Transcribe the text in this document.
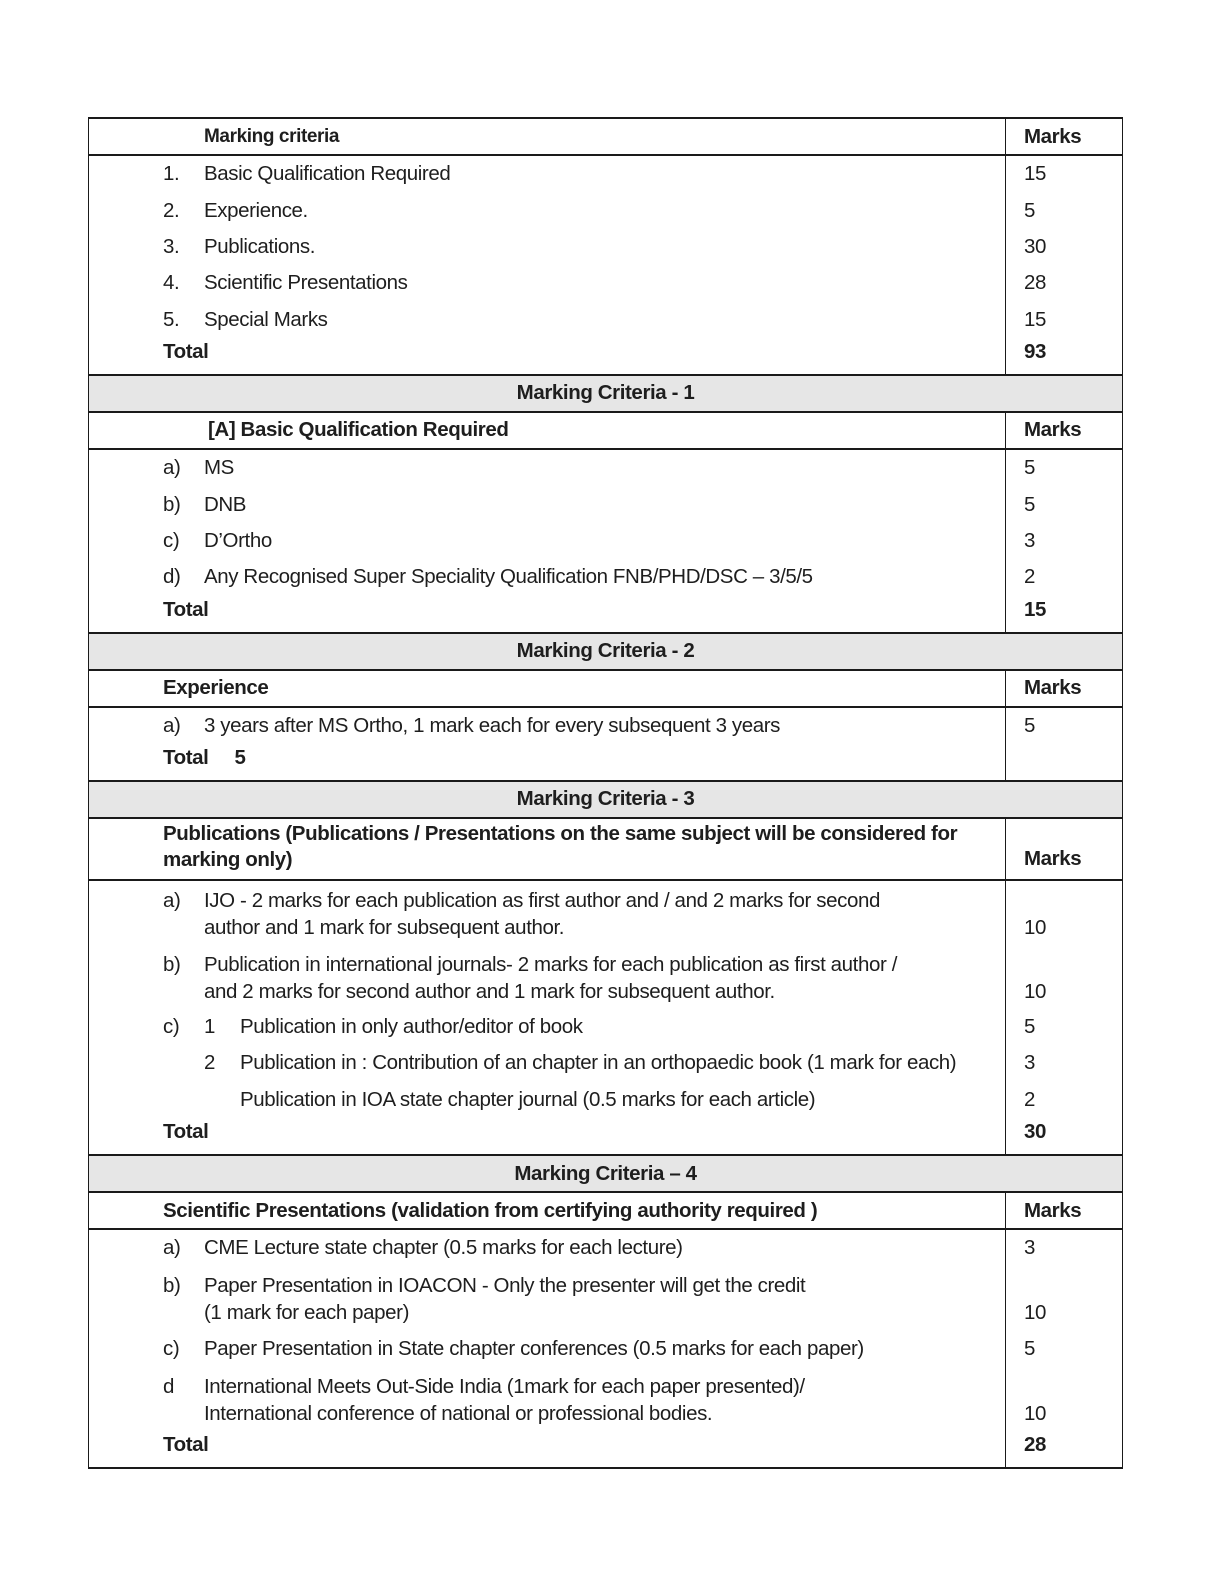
Marking criteria	Marks

1. Basic Qualification Required	15

2. Experience.	5

3. Publications.	30

4. Scientific Presentations	28

5. Special Marks	15
Total	93
Marking Criteria - 1	
[A] Basic Qualification Required	Marks

a) MS	5

b) DNB	5

c) D’Ortho	3

d) Any Recognised Super Speciality Qualification FNB/PHD/DSC – 3/5/5	2
Total	15
Marking Criteria - 2	
Experience	Marks

a) 3 years after MS Ortho, 1 mark each for every subsequent 3 years	5
Total 5	
Marking Criteria - 3	
Publications (Publications / Presentations on the same subject will be considered for marking only)	Marks

a) IJO - 2 marks for each publication as first author and / and 2 marks for second
author and 1 mark for subsequent author.	10

b) Publication in international journals- 2 marks for each publication as first author /
and 2 marks for second author and 1 mark for subsequent author.	10

c) 1 Publication in only author/editor of book	5

2 Publication in : Contribution of an chapter in an orthopaedic book (1 mark for each)	3

Publication in IOA state chapter journal (0.5 marks for each article)	2
Total	30
Marking Criteria – 4	
Scientific Presentations (validation from certifying authority required )	Marks

a) CME Lecture state chapter (0.5 marks for each lecture)	3

b) Paper Presentation in IOACON - Only the presenter will get the credit
(1 mark for each paper)	10

c) Paper Presentation in State chapter conferences (0.5 marks for each paper)	5

d International Meets Out-Side India (1mark for each paper presented)/
International conference of national or professional bodies.	10
Total	28
